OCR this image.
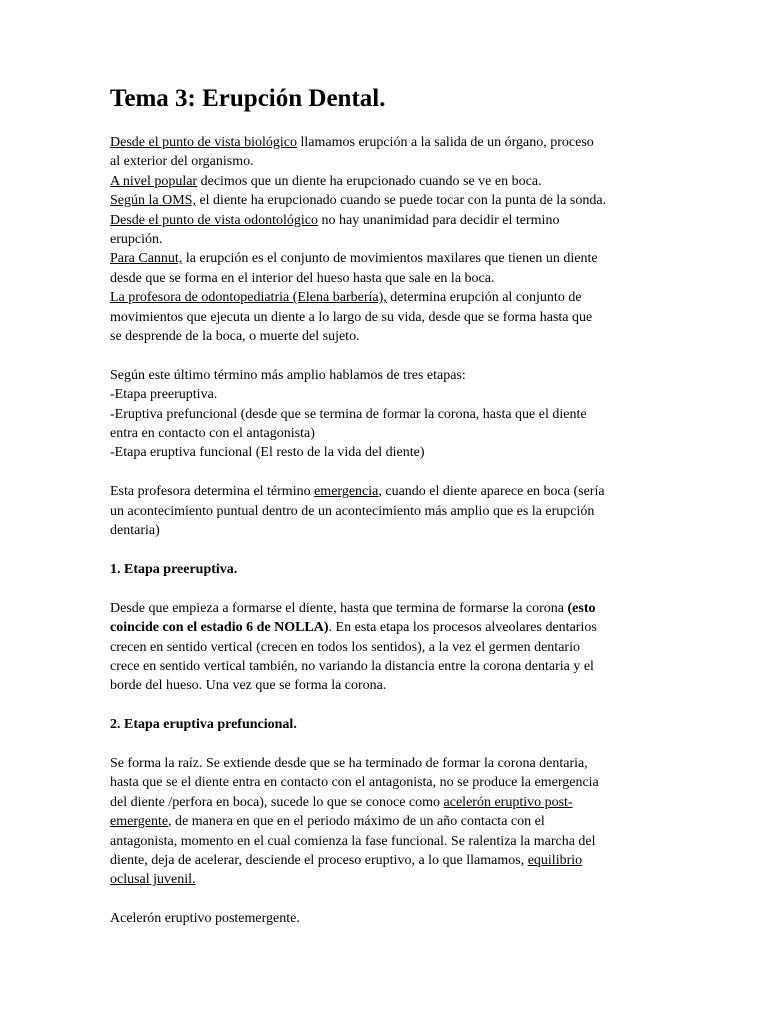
Tema 3: Erupción Dental.

Desde el punto de vista biológico llamamos erupción a la salida de un órgano, proceso
al exterior del organismo.
A nivel popular decimos que un diente ha erupcionado cuando se ve en boca.
Según la OMS, el diente ha erupcionado cuando se puede tocar con la punta de la sonda.
Desde el punto de vista odontológico no hay unanimidad para decidir el termino
erupción.
Para Cannut, la erupción es el conjunto de movimientos maxilares que tienen un diente
desde que se forma en el interior del hueso hasta que sale en la boca.
La profesora de odontopediatria (Elena barbería), determina erupción al conjunto de
movimientos que ejecuta un diente a lo largo de su vida, desde que se forma hasta que
se desprende de la boca, o muerte del sujeto.

Según este último término más amplio hablamos de tres etapas:
-Etapa preeruptiva.
-Eruptiva prefuncional (desde que se termina de formar la corona, hasta que el diente
entra en contacto con el antagonista)
-Etapa eruptiva funcional (El resto de la vida del diente)

Esta profesora determina el término emergencia, cuando el diente aparece en boca (sería
un acontecimiento puntual dentro de un acontecimiento más amplio que es la erupción
dentaria)

1. Etapa preeruptiva.

Desde que empieza a formarse el diente, hasta que termina de formarse la corona (esto
coincide con el estadio 6 de NOLLA). En esta etapa los procesos alveolares dentarios
crecen en sentido vertical (crecen en todos los sentidos), a la vez el germen dentario
crece en sentido vertical también, no variando la distancia entre la corona dentaria y el
borde del hueso. Una vez que se forma la corona.

2. Etapa eruptiva prefuncional.

Se forma la raíz. Se extiende desde que se ha terminado de formar la corona dentaria,
hasta que se el diente entra en contacto con el antagonista, no se produce la emergencia
del diente /perfora en boca), sucede lo que se conoce como acelerón eruptivo post-
emergente, de manera en que en el periodo máximo de un año contacta con el
antagonista, momento en el cual comienza la fase funcional. Se ralentiza la marcha del
diente, deja de acelerar, desciende el proceso eruptivo, a lo que llamamos, equilibrio
oclusal juvenil.

Acelerón eruptivo postemergente.
